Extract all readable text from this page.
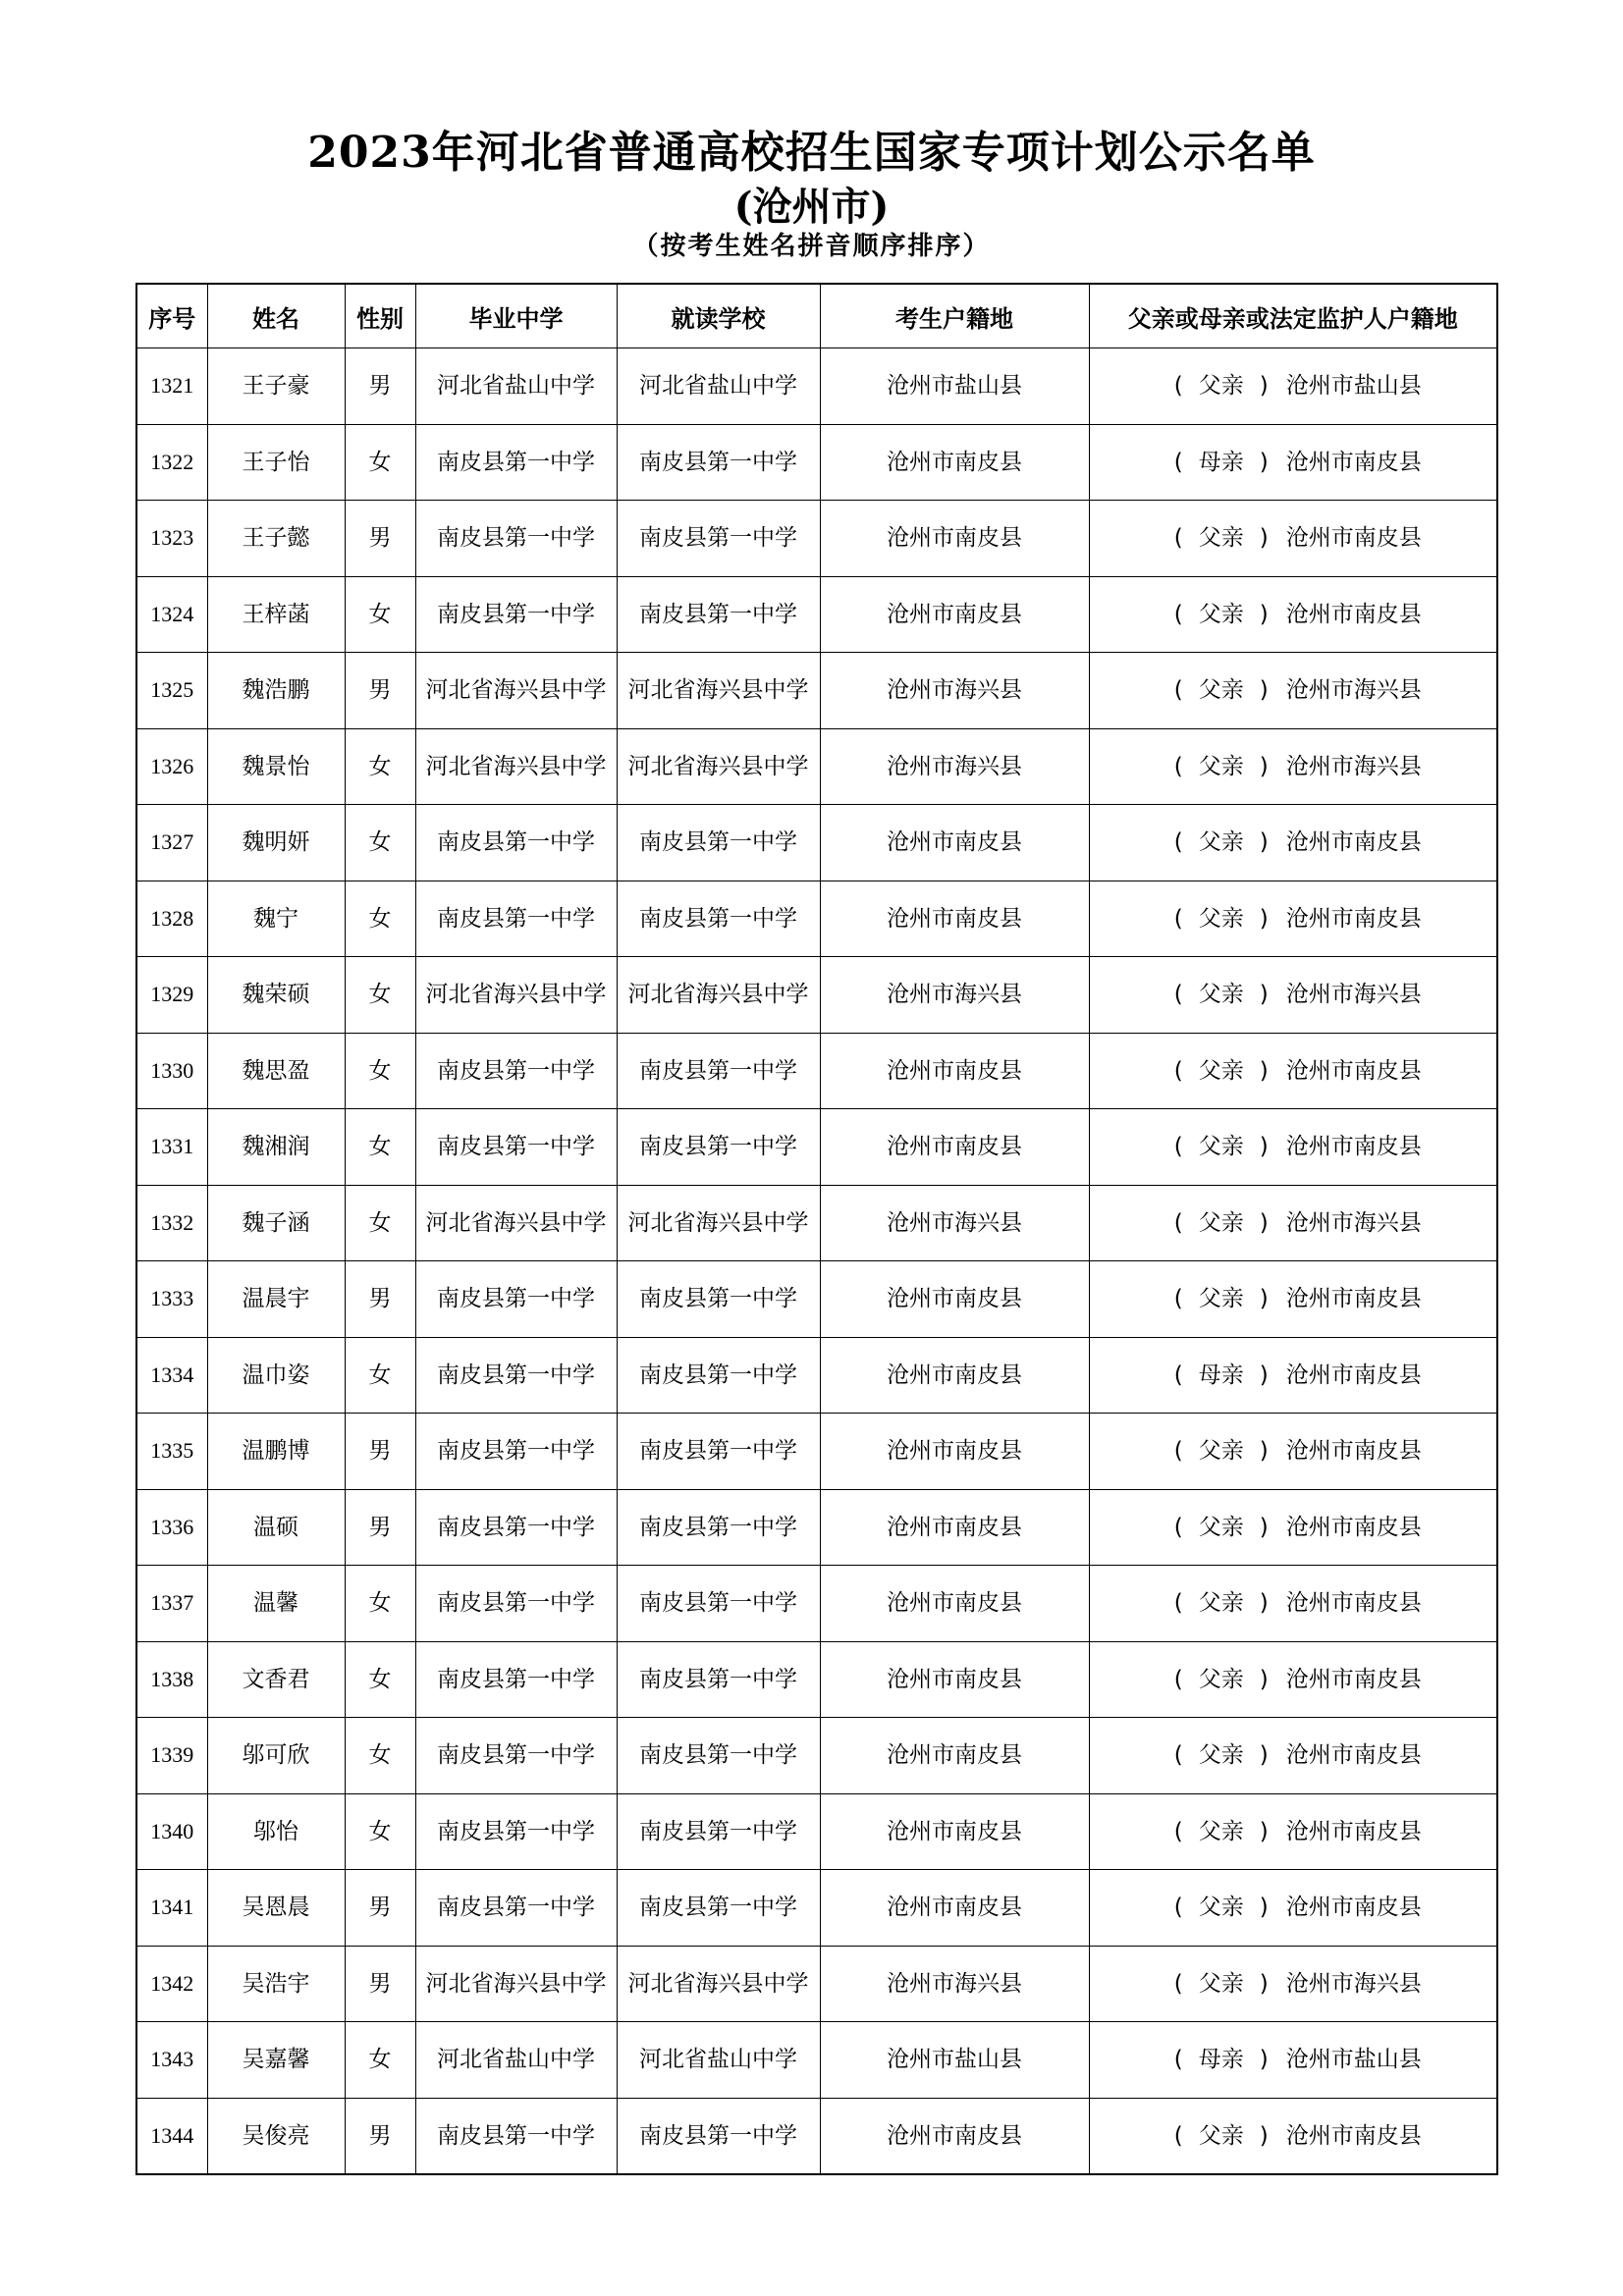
2023年河北省普通高校招生国家专项计划公示名单
(沧州市)
（按考生姓名拼音顺序排序）
序号	姓名	性别	毕业中学	就读学校	考生户籍地	父亲或母亲或法定监护人户籍地
1321	王子豪	男	河北省盐山中学	河北省盐山中学	沧州市盐山县	( 父亲 ) 沧州市盐山县
1322	王子怡	女	南皮县第一中学	南皮县第一中学	沧州市南皮县	( 母亲 ) 沧州市南皮县
1323	王子懿	男	南皮县第一中学	南皮县第一中学	沧州市南皮县	( 父亲 ) 沧州市南皮县
1324	王梓菡	女	南皮县第一中学	南皮县第一中学	沧州市南皮县	( 父亲 ) 沧州市南皮县
1325	魏浩鹏	男	河北省海兴县中学	河北省海兴县中学	沧州市海兴县	( 父亲 ) 沧州市海兴县
1326	魏景怡	女	河北省海兴县中学	河北省海兴县中学	沧州市海兴县	( 父亲 ) 沧州市海兴县
1327	魏明妍	女	南皮县第一中学	南皮县第一中学	沧州市南皮县	( 父亲 ) 沧州市南皮县
1328	魏宁	女	南皮县第一中学	南皮县第一中学	沧州市南皮县	( 父亲 ) 沧州市南皮县
1329	魏荣硕	女	河北省海兴县中学	河北省海兴县中学	沧州市海兴县	( 父亲 ) 沧州市海兴县
1330	魏思盈	女	南皮县第一中学	南皮县第一中学	沧州市南皮县	( 父亲 ) 沧州市南皮县
1331	魏湘润	女	南皮县第一中学	南皮县第一中学	沧州市南皮县	( 父亲 ) 沧州市南皮县
1332	魏子涵	女	河北省海兴县中学	河北省海兴县中学	沧州市海兴县	( 父亲 ) 沧州市海兴县
1333	温晨宇	男	南皮县第一中学	南皮县第一中学	沧州市南皮县	( 父亲 ) 沧州市南皮县
1334	温巾姿	女	南皮县第一中学	南皮县第一中学	沧州市南皮县	( 母亲 ) 沧州市南皮县
1335	温鹏博	男	南皮县第一中学	南皮县第一中学	沧州市南皮县	( 父亲 ) 沧州市南皮县
1336	温硕	男	南皮县第一中学	南皮县第一中学	沧州市南皮县	( 父亲 ) 沧州市南皮县
1337	温馨	女	南皮县第一中学	南皮县第一中学	沧州市南皮县	( 父亲 ) 沧州市南皮县
1338	文香君	女	南皮县第一中学	南皮县第一中学	沧州市南皮县	( 父亲 ) 沧州市南皮县
1339	邬可欣	女	南皮县第一中学	南皮县第一中学	沧州市南皮县	( 父亲 ) 沧州市南皮县
1340	邬怡	女	南皮县第一中学	南皮县第一中学	沧州市南皮县	( 父亲 ) 沧州市南皮县
1341	吴恩晨	男	南皮县第一中学	南皮县第一中学	沧州市南皮县	( 父亲 ) 沧州市南皮县
1342	吴浩宇	男	河北省海兴县中学	河北省海兴县中学	沧州市海兴县	( 父亲 ) 沧州市海兴县
1343	吴嘉馨	女	河北省盐山中学	河北省盐山中学	沧州市盐山县	( 母亲 ) 沧州市盐山县
1344	吴俊亮	男	南皮县第一中学	南皮县第一中学	沧州市南皮县	( 父亲 ) 沧州市南皮县
